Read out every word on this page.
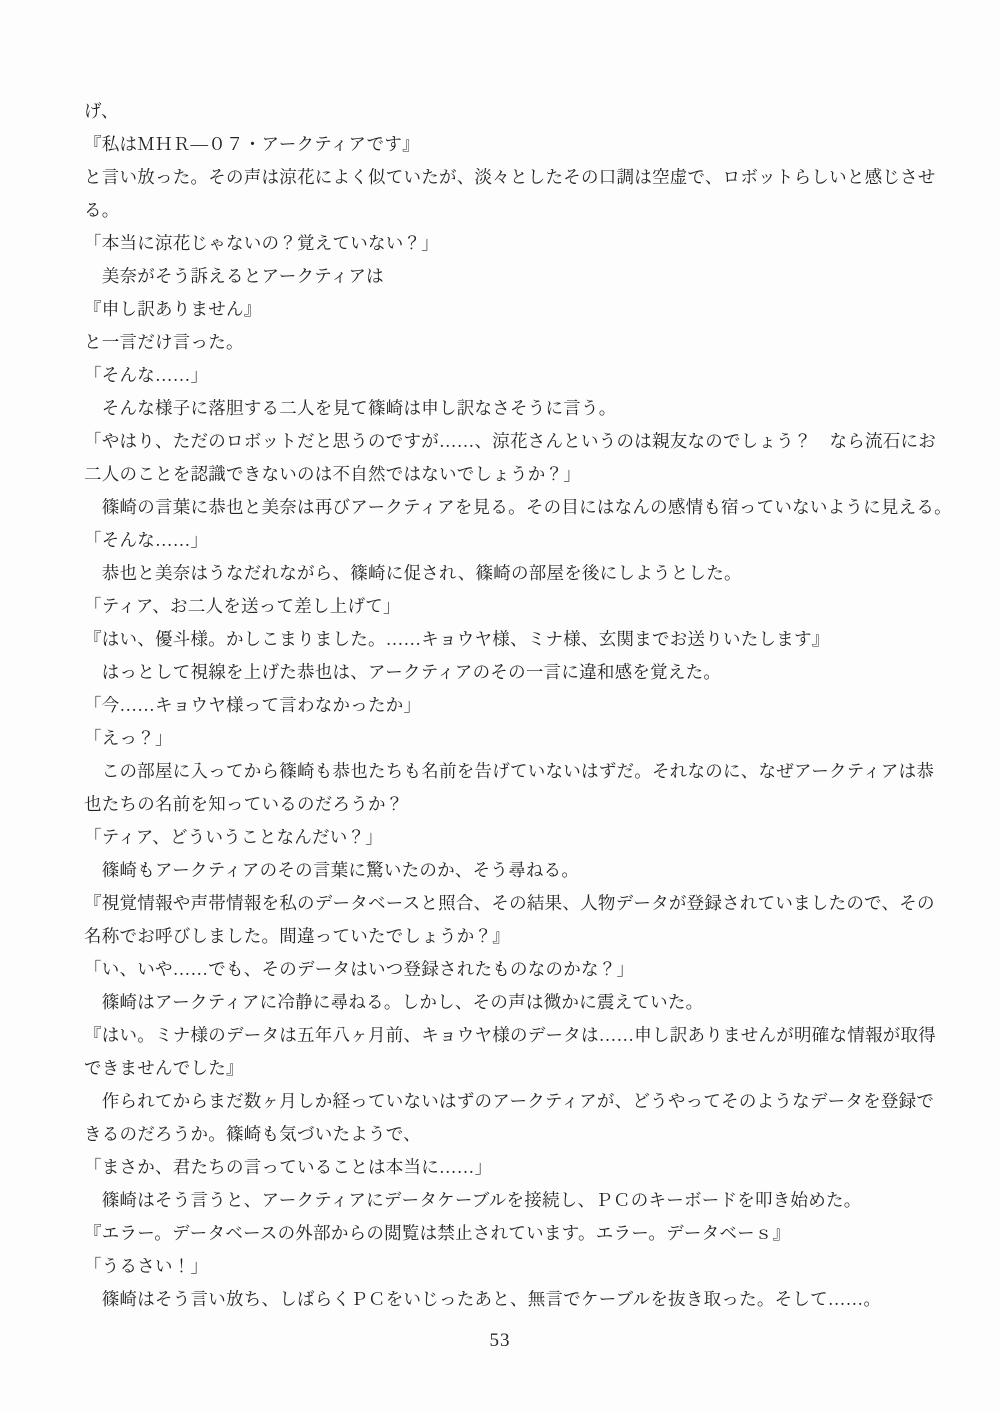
げ、
『私はＭＨＲ―０７・アークティアです』
と言い放った。その声は涼花によく似ていたが、淡々としたその口調は空虚で、ロボットらしいと感じさせ
る。
「本当に涼花じゃないの？覚えていない？」
　美奈がそう訴えるとアークティアは
『申し訳ありません』
と一言だけ言った。
「そんな……」
　そんな様子に落胆する二人を見て篠崎は申し訳なさそうに言う。
「やはり、ただのロボットだと思うのですが……、涼花さんというのは親友なのでしょう？　なら流石にお
二人のことを認識できないのは不自然ではないでしょうか？」
　篠崎の言葉に恭也と美奈は再びアークティアを見る。その目にはなんの感情も宿っていないように見える。
「そんな……」
　恭也と美奈はうなだれながら、篠崎に促され、篠崎の部屋を後にしようとした。
「ティア、お二人を送って差し上げて」
『はい、優斗様。かしこまりました。……キョウヤ様、ミナ様、玄関までお送りいたします』
　はっとして視線を上げた恭也は、アークティアのその一言に違和感を覚えた。
「今……キョウヤ様って言わなかったか」
「えっ？」
　この部屋に入ってから篠崎も恭也たちも名前を告げていないはずだ。それなのに、なぜアークティアは恭
也たちの名前を知っているのだろうか？
「ティア、どういうことなんだい？」
　篠崎もアークティアのその言葉に驚いたのか、そう尋ねる。
『視覚情報や声帯情報を私のデータベースと照合、その結果、人物データが登録されていましたので、その
名称でお呼びしました。間違っていたでしょうか？』
「い、いや……でも、そのデータはいつ登録されたものなのかな？」
　篠崎はアークティアに冷静に尋ねる。しかし、その声は微かに震えていた。
『はい。ミナ様のデータは五年八ヶ月前、キョウヤ様のデータは……申し訳ありませんが明確な情報が取得
できませんでした』
　作られてからまだ数ヶ月しか経っていないはずのアークティアが、どうやってそのようなデータを登録で
きるのだろうか。篠崎も気づいたようで、
「まさか、君たちの言っていることは本当に……」
　篠崎はそう言うと、アークティアにデータケーブルを接続し、ＰＣのキーボードを叩き始めた。
『エラー。データベースの外部からの閲覧は禁止されています。エラー。データベーｓ』
「うるさい！」
　篠崎はそう言い放ち、しばらくＰＣをいじったあと、無言でケーブルを抜き取った。そして……。
53
